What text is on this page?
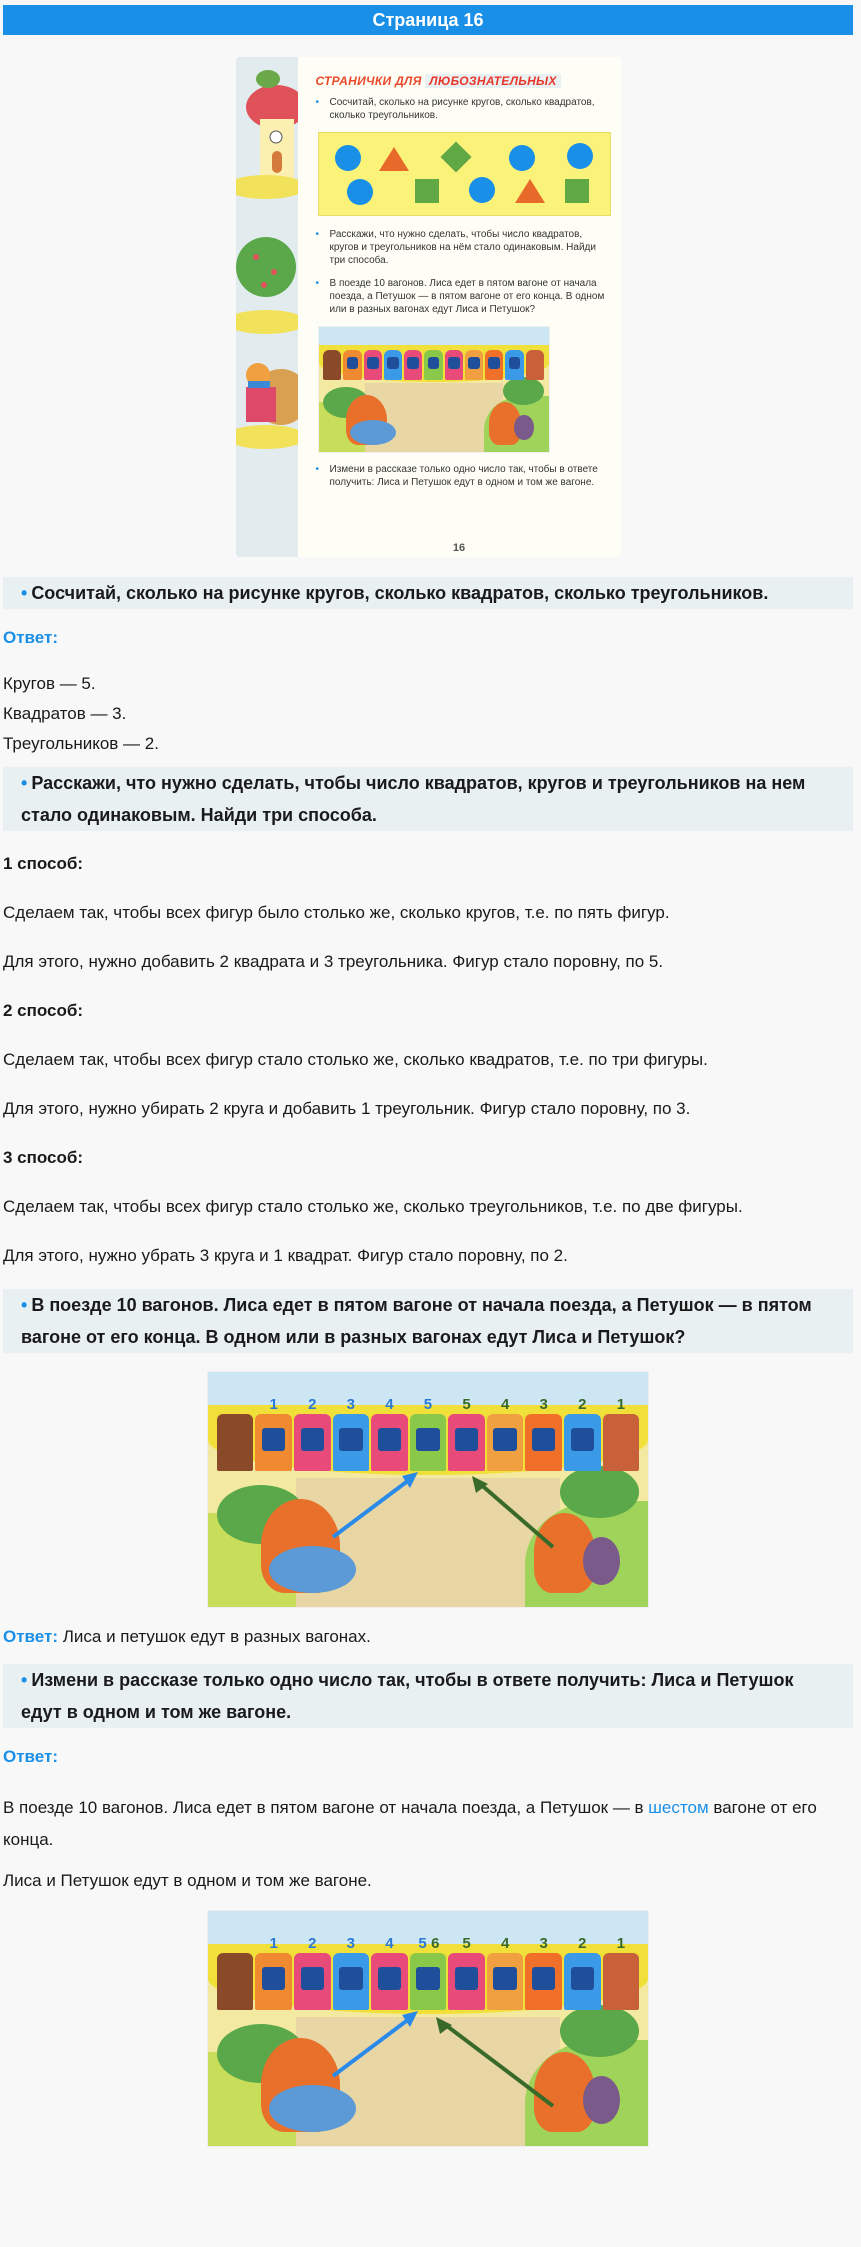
Страница 16
СТРАНИЧКИ ДЛЯ ЛЮБОЗНАТЕЛЬНЫХ
• Сосчитай, сколько на рисунке кругов, сколько квадратов, сколько треугольников.
• Расскажи, что нужно сделать, чтобы число квадратов, кругов и треугольников на нём стало одинаковым. Найди три способа.
• В поезде 10 вагонов. Лиса едет в пятом вагоне от начала поезда, а Петушок — в пятом вагоне от его конца. В одном или в разных вагонах едут Лиса и Петушок?
• Измени в рассказе только одно число так, чтобы в ответе получить: Лиса и Петушок едут в одном и том же вагоне.
16
• Сосчитай, сколько на рисунке кругов, сколько квадратов, сколько треугольников.

Ответ:

Кругов — 5.

Квадратов — 3.

Треугольников — 2.

• Расскажи, что нужно сделать, чтобы число квадратов, кругов и треугольников на нем стало одинаковым. Найди три способа.

1 способ:

Сделаем так, чтобы всех фигур было столько же, сколько кругов, т.е. по пять фигур.

Для этого, нужно добавить 2 квадрата и 3 треугольника. Фигур стало поровну, по 5.

2 способ:

Сделаем так, чтобы всех фигур стало столько же, сколько квадратов, т.е. по три фигуры.

Для этого, нужно убирать 2 круга и добавить 1 треугольник. Фигур стало поровну, по 3.

3 способ:

Сделаем так, чтобы всех фигур стало столько же, сколько треугольников, т.е. по две фигуры.

Для этого, нужно убрать 3 круга и 1 квадрат. Фигур стало поровну, по 2.

• В поезде 10 вагонов. Лиса едет в пятом вагоне от начала поезда, а Петушок — в пятом вагоне от его конца. В одном или в разных вагонах едут Лиса и Петушок?
1	2	3	4	5	5	4	3	2	1

Ответ: Лиса и петушок едут в разных вагонах.

• Измени в рассказе только одно число так, чтобы в ответе получить: Лиса и Петушок едут в одном и том же вагоне.

Ответ:

В поезде 10 вагонов. Лиса едет в пятом вагоне от начала поезда, а Петушок — в шестом вагоне от его конца.

Лиса и Петушок едут в одном и том же вагоне.

1	2	3	4	5 6	5	4	3	2	1
